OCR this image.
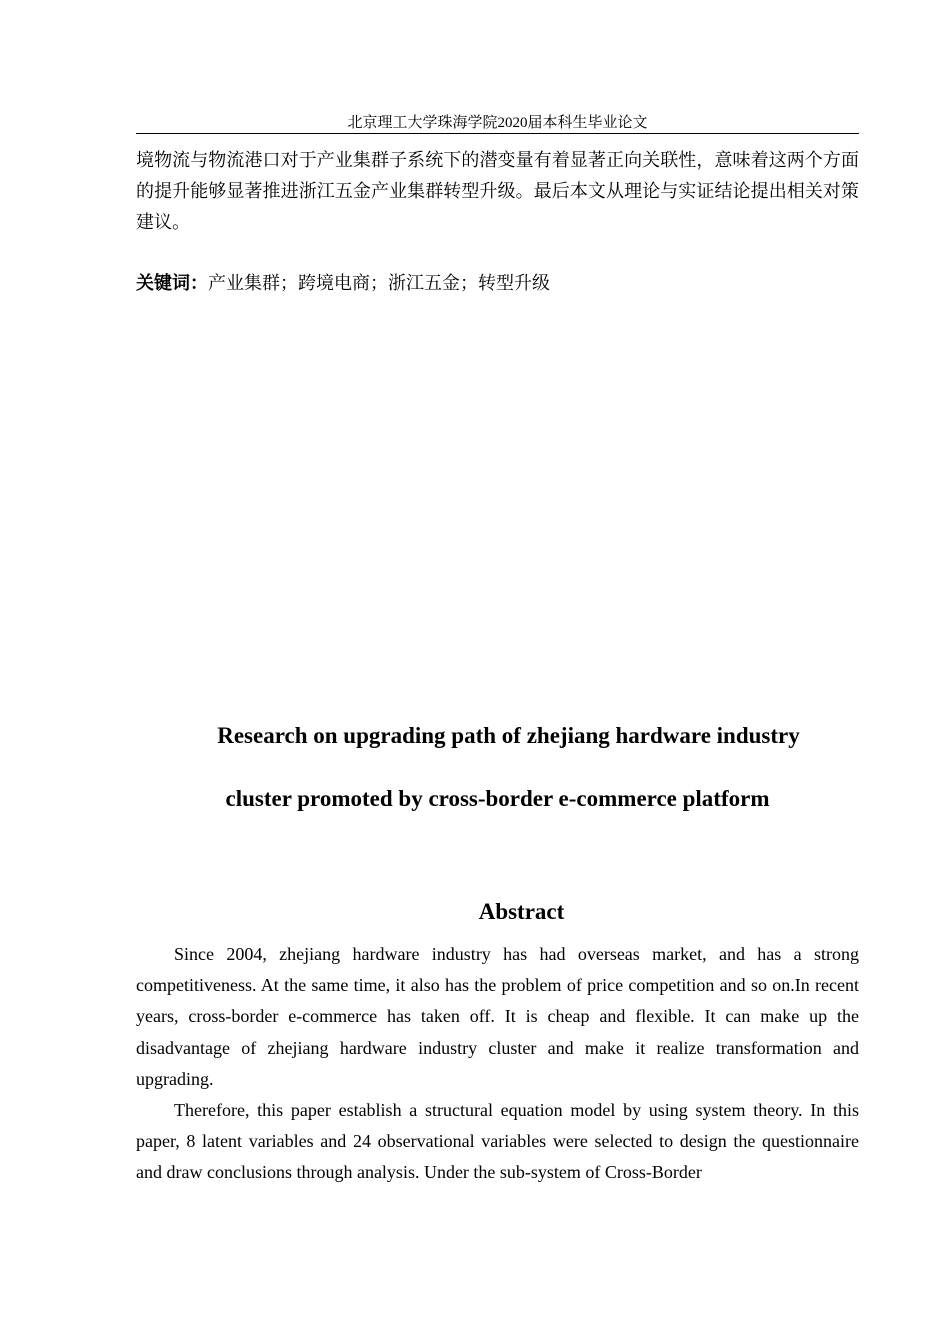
北京理工大学珠海学院2020届本科生毕业论文
境物流与物流港口对于产业集群子系统下的潜变量有着显著正向关联性，意味着这两个方面的提升能够显著推进浙江五金产业集群转型升级。最后本文从理论与实证结论提出相关对策建议。
关键词：产业集群；跨境电商；浙江五金；转型升级
Research on upgrading path of zhejiang hardware industry
cluster promoted by cross-border e-commerce platform
Abstract

Since 2004, zhejiang hardware industry has had overseas market, and has a strong competitiveness. At the same time, it also has the problem of price competition and so on.In recent years, cross-border e-commerce has taken off. It is cheap and flexible. It can make up the disadvantage of zhejiang hardware industry cluster and make it realize transformation and upgrading.

Therefore, this paper establish a structural equation model by using system theory. In this paper, 8 latent variables and 24 observational variables were selected to design the questionnaire and draw conclusions through analysis. Under the sub-system of Cross-Border
